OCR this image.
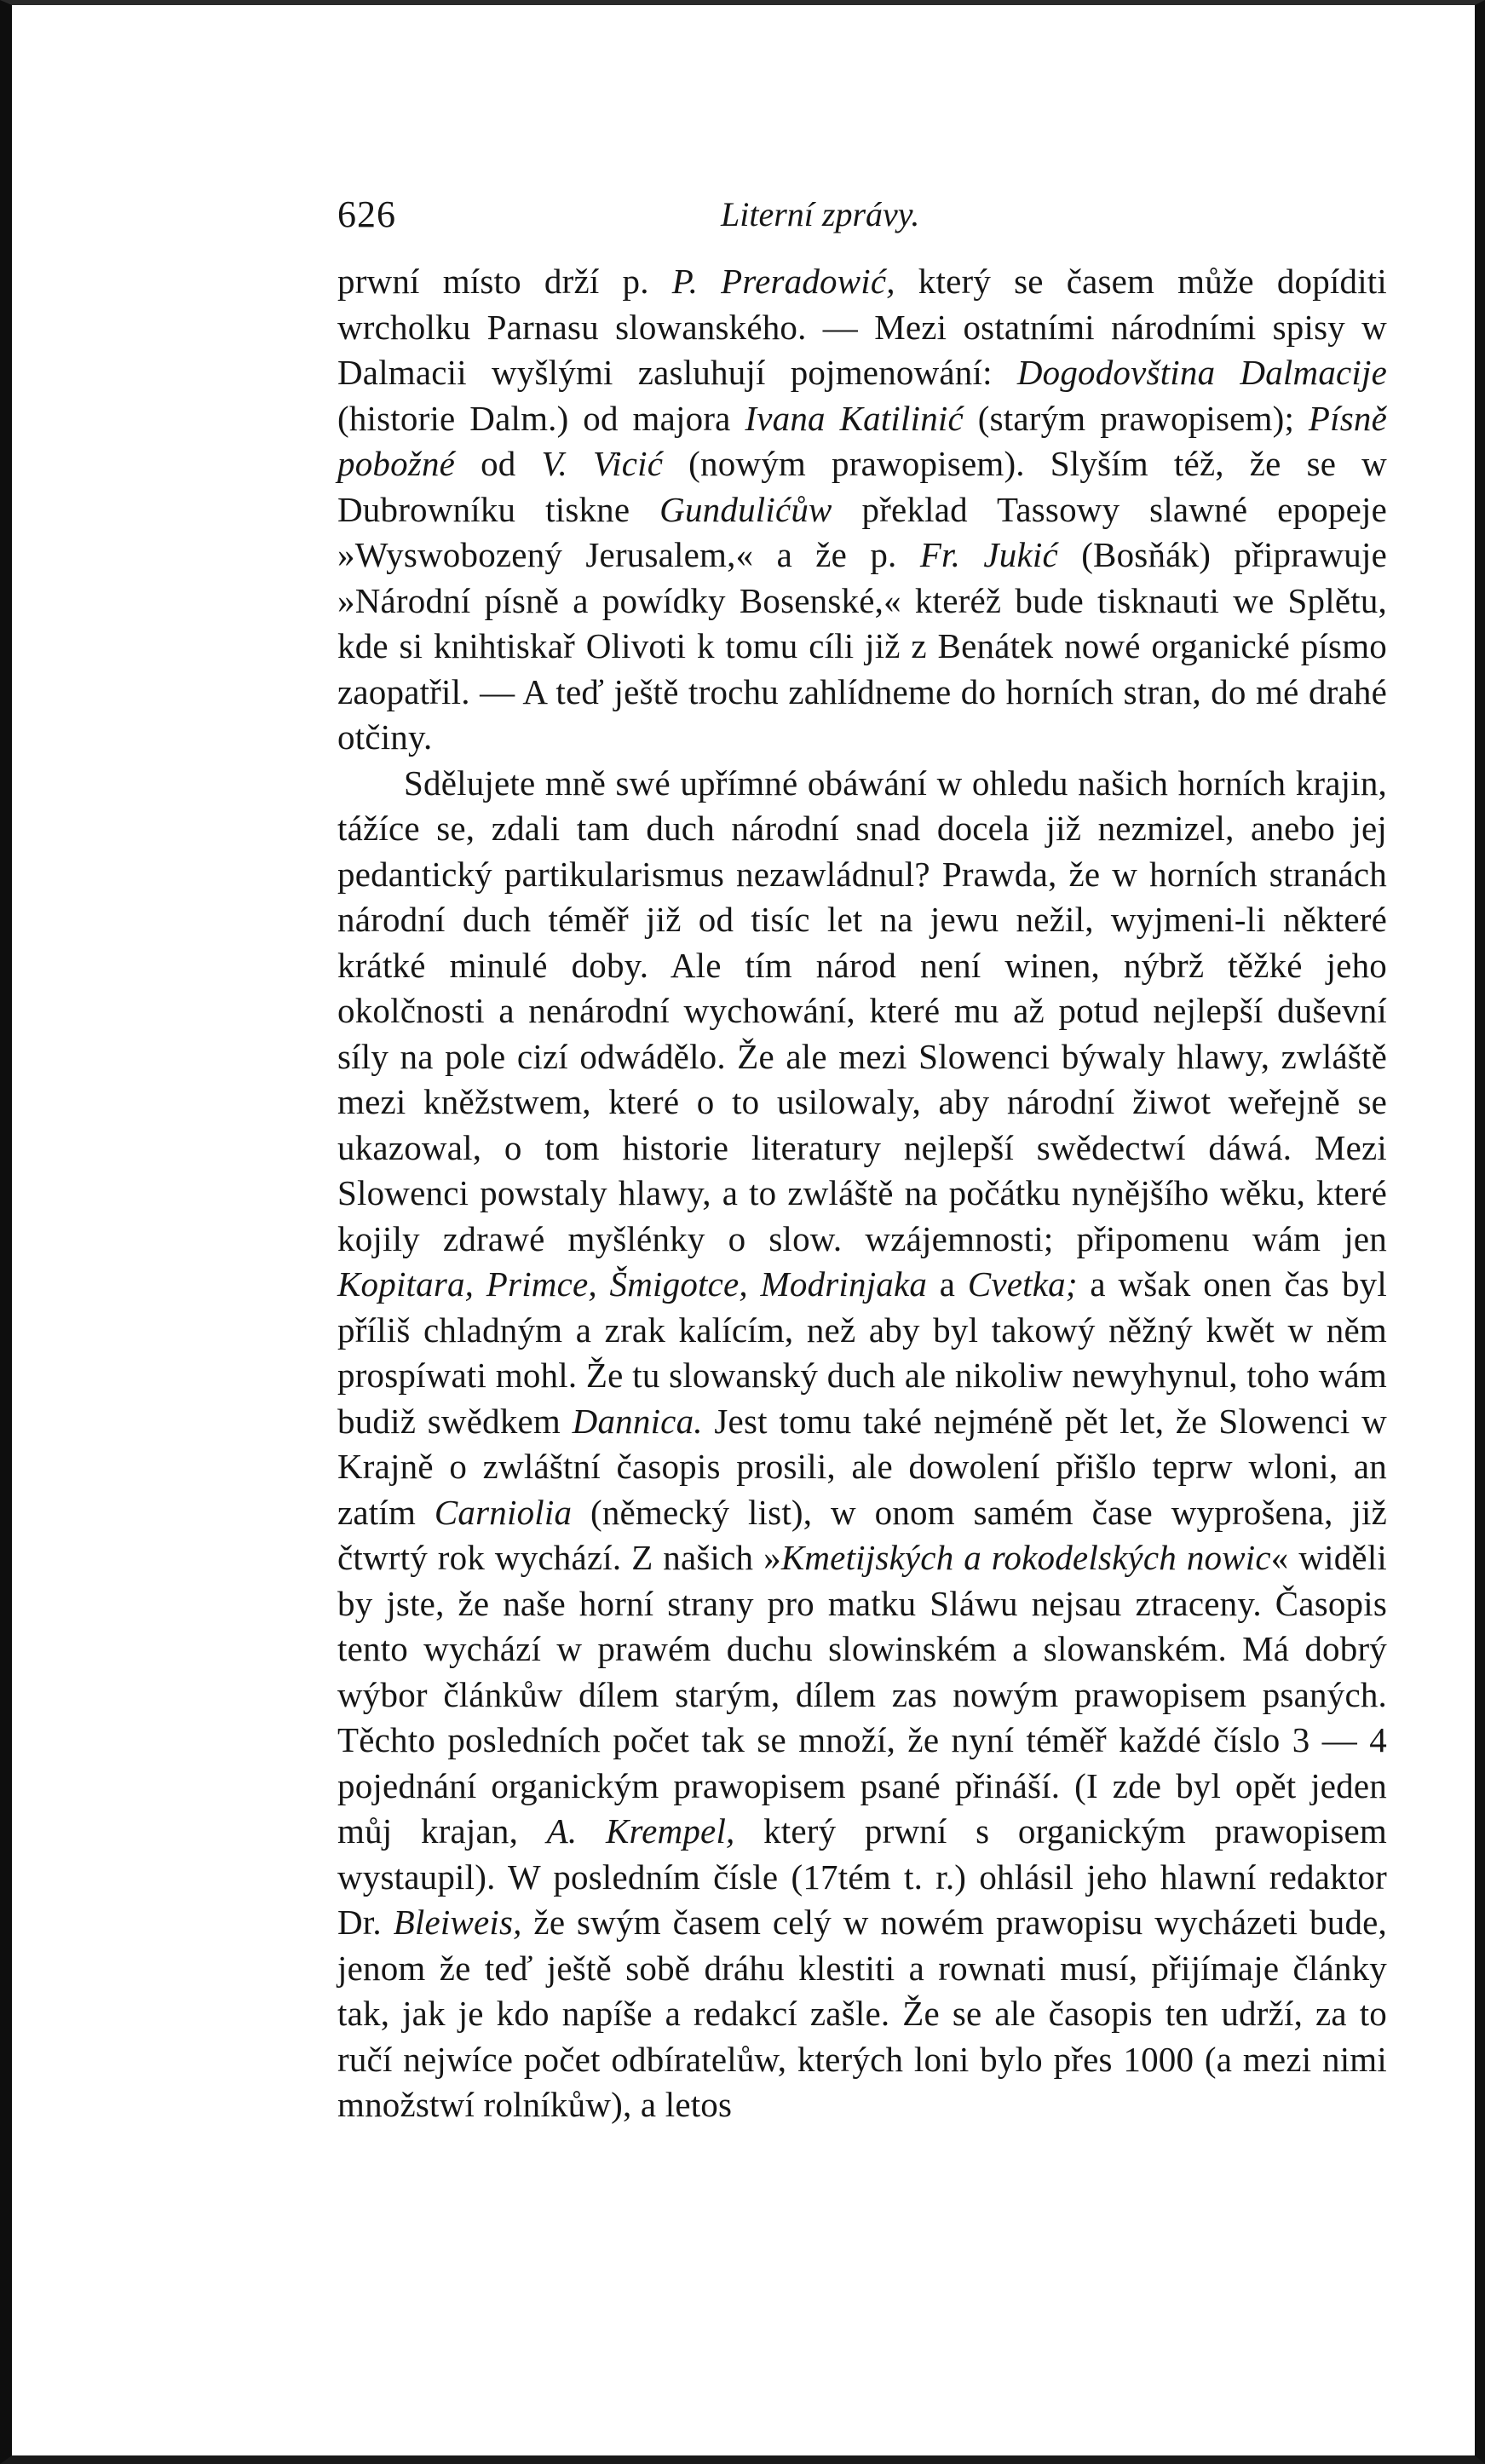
626	Literní zprávy.

prwní místo drží p. P. Preradowić, který se časem může dopíditi wrcholku Parnasu slowanského. — Mezi ostatními národními spisy w Dalmacii wyšlými zasluhují pojmenowání: Dogodovština Dalmacije (historie Dalm.) od majora Ivana Katilinić (starým prawopisem); Písně pobožné od V. Vicić (nowým prawopisem). Slyším též, že se w Dubrowníku tiskne Gundulićůw překlad Tassowy slawné epopeje »Wyswobozený Jerusalem,« a že p. Fr. Jukić (Bosňák) připrawuje »Národní písně a powídky Bosenské,« kteréž bude tisknauti we Splětu, kde si knihtiskař Olivoti k tomu cíli již z Benátek nowé organické písmo zaopatřil. — A teď ještě trochu zahlídneme do horních stran, do mé drahé otčiny.

Sdělujete mně swé upřímné obáwání w ohledu našich horních krajin, tážíce se, zdali tam duch národní snad docela již nezmizel, anebo jej pedantický partikularismus nezawládnul? Prawda, že w horních stranách národní duch téměř již od tisíc let na jewu nežil, wyjmeni-li některé krátké minulé doby. Ale tím národ není winen, nýbrž těžké jeho okolčnosti a nenárodní wychowání, které mu až potud nejlepší duševní síly na pole cizí odwádělo. Že ale mezi Slowenci býwaly hlawy, zwláště mezi kněžstwem, které o to usilowaly, aby národní žiwot weřejně se ukazowal, o tom historie literatury nejlepší swědectwí dáwá. Mezi Slowenci powstaly hlawy, a to zwláště na počátku nynějšího wěku, které kojily zdrawé myšlénky o slow. wzájemnosti; připomenu wám jen Kopitara, Primce, Šmigotce, Modrinjaka a Cvetka; a wšak onen čas byl příliš chladným a zrak kalícím, než aby byl takowý něžný kwět w něm prospíwati mohl. Že tu slowanský duch ale nikoliw newyhynul, toho wám budiž swědkem Dannica. Jest tomu také nejméně pět let, že Slowenci w Krajně o zwláštní časopis prosili, ale dowolení přišlo teprw wloni, an zatím Carniolia (německý list), w onom samém čase wyprošena, již čtwrtý rok wychází. Z našich »Kmetijských a rokodelských nowic« widěli by jste, že naše horní strany pro matku Sláwu nejsau ztraceny. Časopis tento wychází w prawém duchu slowinském a slowanském. Má dobrý wýbor článkůw dílem starým, dílem zas nowým prawopisem psaných. Těchto posledních počet tak se množí, že nyní téměř každé číslo 3 — 4 pojednání organickým prawopisem psané přináší. (I zde byl opět jeden můj krajan, A. Krempel, který prwní s organickým prawopisem wystaupil). W posledním čísle (17tém t. r.) ohlásil jeho hlawní redaktor Dr. Bleiweis, že swým časem celý w nowém prawopisu wycházeti bude, jenom že teď ještě sobě dráhu klestiti a rownati musí, přijímaje články tak, jak je kdo napíše a redakcí zašle. Že se ale časopis ten udrží, za to ručí nejwíce počet odbíratelůw, kterých loni bylo přes 1000 (a mezi nimi množstwí rolníkůw), a letos
